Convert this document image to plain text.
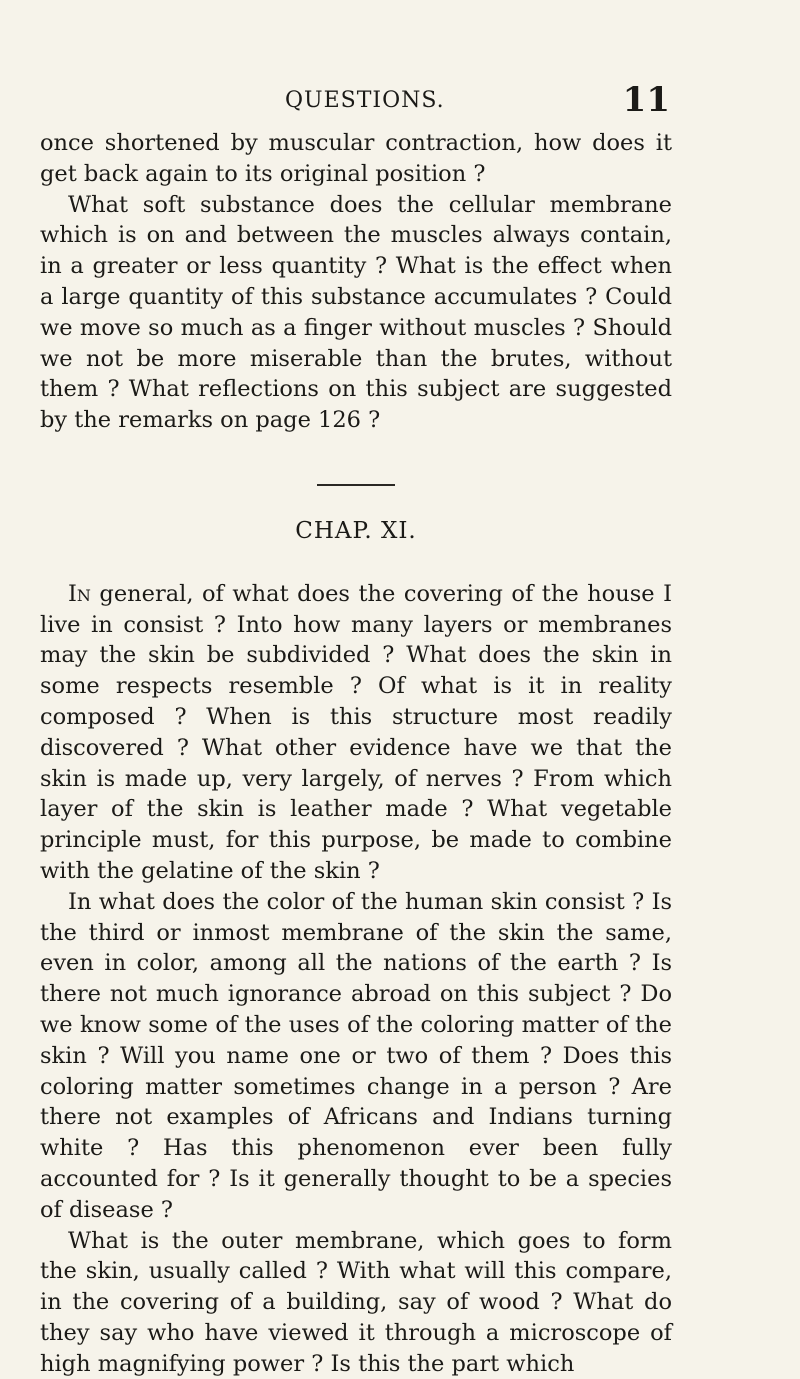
QUESTIONS.	11

once shortened by muscular contraction, how does it get back again to its original position ?

What soft substance does the cellular membrane which is on and between the muscles always contain, in a greater or less quantity ? What is the effect when a large quantity of this substance accumulates ? Could we move so much as a finger without muscles ? Should we not be more miserable than the brutes, without them ? What reflections on this subject are suggested by the remarks on page 126 ?

CHAP. XI.

In general, of what does the covering of the house I live in consist ? Into how many layers or membranes may the skin be subdivided ? What does the skin in some respects resemble ? Of what is it in reality composed ? When is this structure most readily discovered ? What other evidence have we that the skin is made up, very largely, of nerves ? From which layer of the skin is leather made ? What vegetable principle must, for this purpose, be made to combine with the gelatine of the skin ?

In what does the color of the human skin consist ? Is the third or inmost membrane of the skin the same, even in color, among all the nations of the earth ? Is there not much ignorance abroad on this subject ? Do we know some of the uses of the coloring matter of the skin ? Will you name one or two of them ? Does this coloring matter sometimes change in a person ? Are there not examples of Africans and Indians turning white ? Has this phenomenon ever been fully accounted for ? Is it generally thought to be a species of disease ?

What is the outer membrane, which goes to form the skin, usually called ? With what will this compare, in the covering of a building, say of wood ? What do they say who have viewed it through a microscope of high magnifying power ? Is this the part which
